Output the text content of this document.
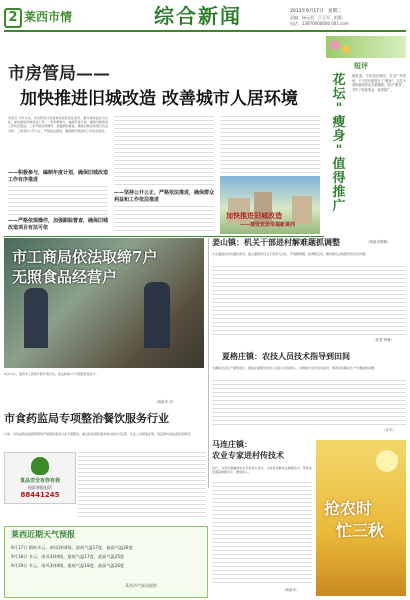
2 莱西市情	综合新闻	2013年9月17日　星期二
责编：杨元男　王玉军　组版：
电话：13870000000 001.com
市房管局——
加快推进旧城改造 改善城市人居环境
本报讯 今年以来，市房管局以改善城市居民居住条件、提升城市品位为目标，加快推进旧城改造工作。一是积极参与，编制年度计划，确保旧城改造工作有序推进；二是严格依规操作，加强跟踪督查，确保旧城改造项目有法可依；三是坚持公开公正，严格依法推进，确保群众利益和工作依法推进。
——积极参与，编制年度计划，确保旧城改造工作有序推进
——严格依规操作，加强跟踪督查，确保旧城改造项目有法可依
——坚持公开公正，严格依法推进，确保群众利益和工作依法推进
加快推进旧城改造
——建设宜居幸福新莱西
短评
据报道，今年国庆期间，在市广场等地，不少花坛都进行了"瘦身"，以往大面积铺设的花卉被精简。花坛"瘦身"，节约了财政资金，值得推广。
花
坛
"
瘦
身
"
值
得
推
广
（杨新彦撰稿）
市工商局依法取缔7户
无照食品经营户
9月13日，莱西市工商局开展专项行动，依法取缔7户无照经营食品户。
（杨新彦 彦）
姜山镇：机关干部进村解难题抓调整
为全面推动党风廉政建设，姜山镇组织机关干部深入村庄，开展解难题、抓调整活动，解决群众反映强烈的突出问题。
（刘君 钟琳）
夏格庄镇：农技人员技术指导到田间
为确保农业生产顺利进行，夏格庄镇组织农技人员深入田间地头，对种植户进行技术指导，帮助农民解决生产中遇到的问题。
（乔平）
市食药监局专项整治餐饮服务行业
日前，市食品药品监督管理局开展餐饮服务行业专项整治，重点检查餐饮服务单位的许可证照、从业人员健康证明、食品原料进货查验等情况。
食品安全有你有我
投诉举报电话
88441245
马连庄镇：
农业专家进村传技术
近日，马连庄镇邀请农业专家深入村庄，为农民讲解农业种植技术，帮助农民提高种植水平，增加收入。
（杨新彦）
抢农时
忙三秋
莱西近期天气预报
9月17日 晴转多云，南风3到4级，最低气温17度，最高气温26度
9月18日 多云，南风3到4级，最低气温17度，最高气温25度
9月19日 多云，南风3到4级，最低气温18度，最高气温26度
莱西市气象局提供
